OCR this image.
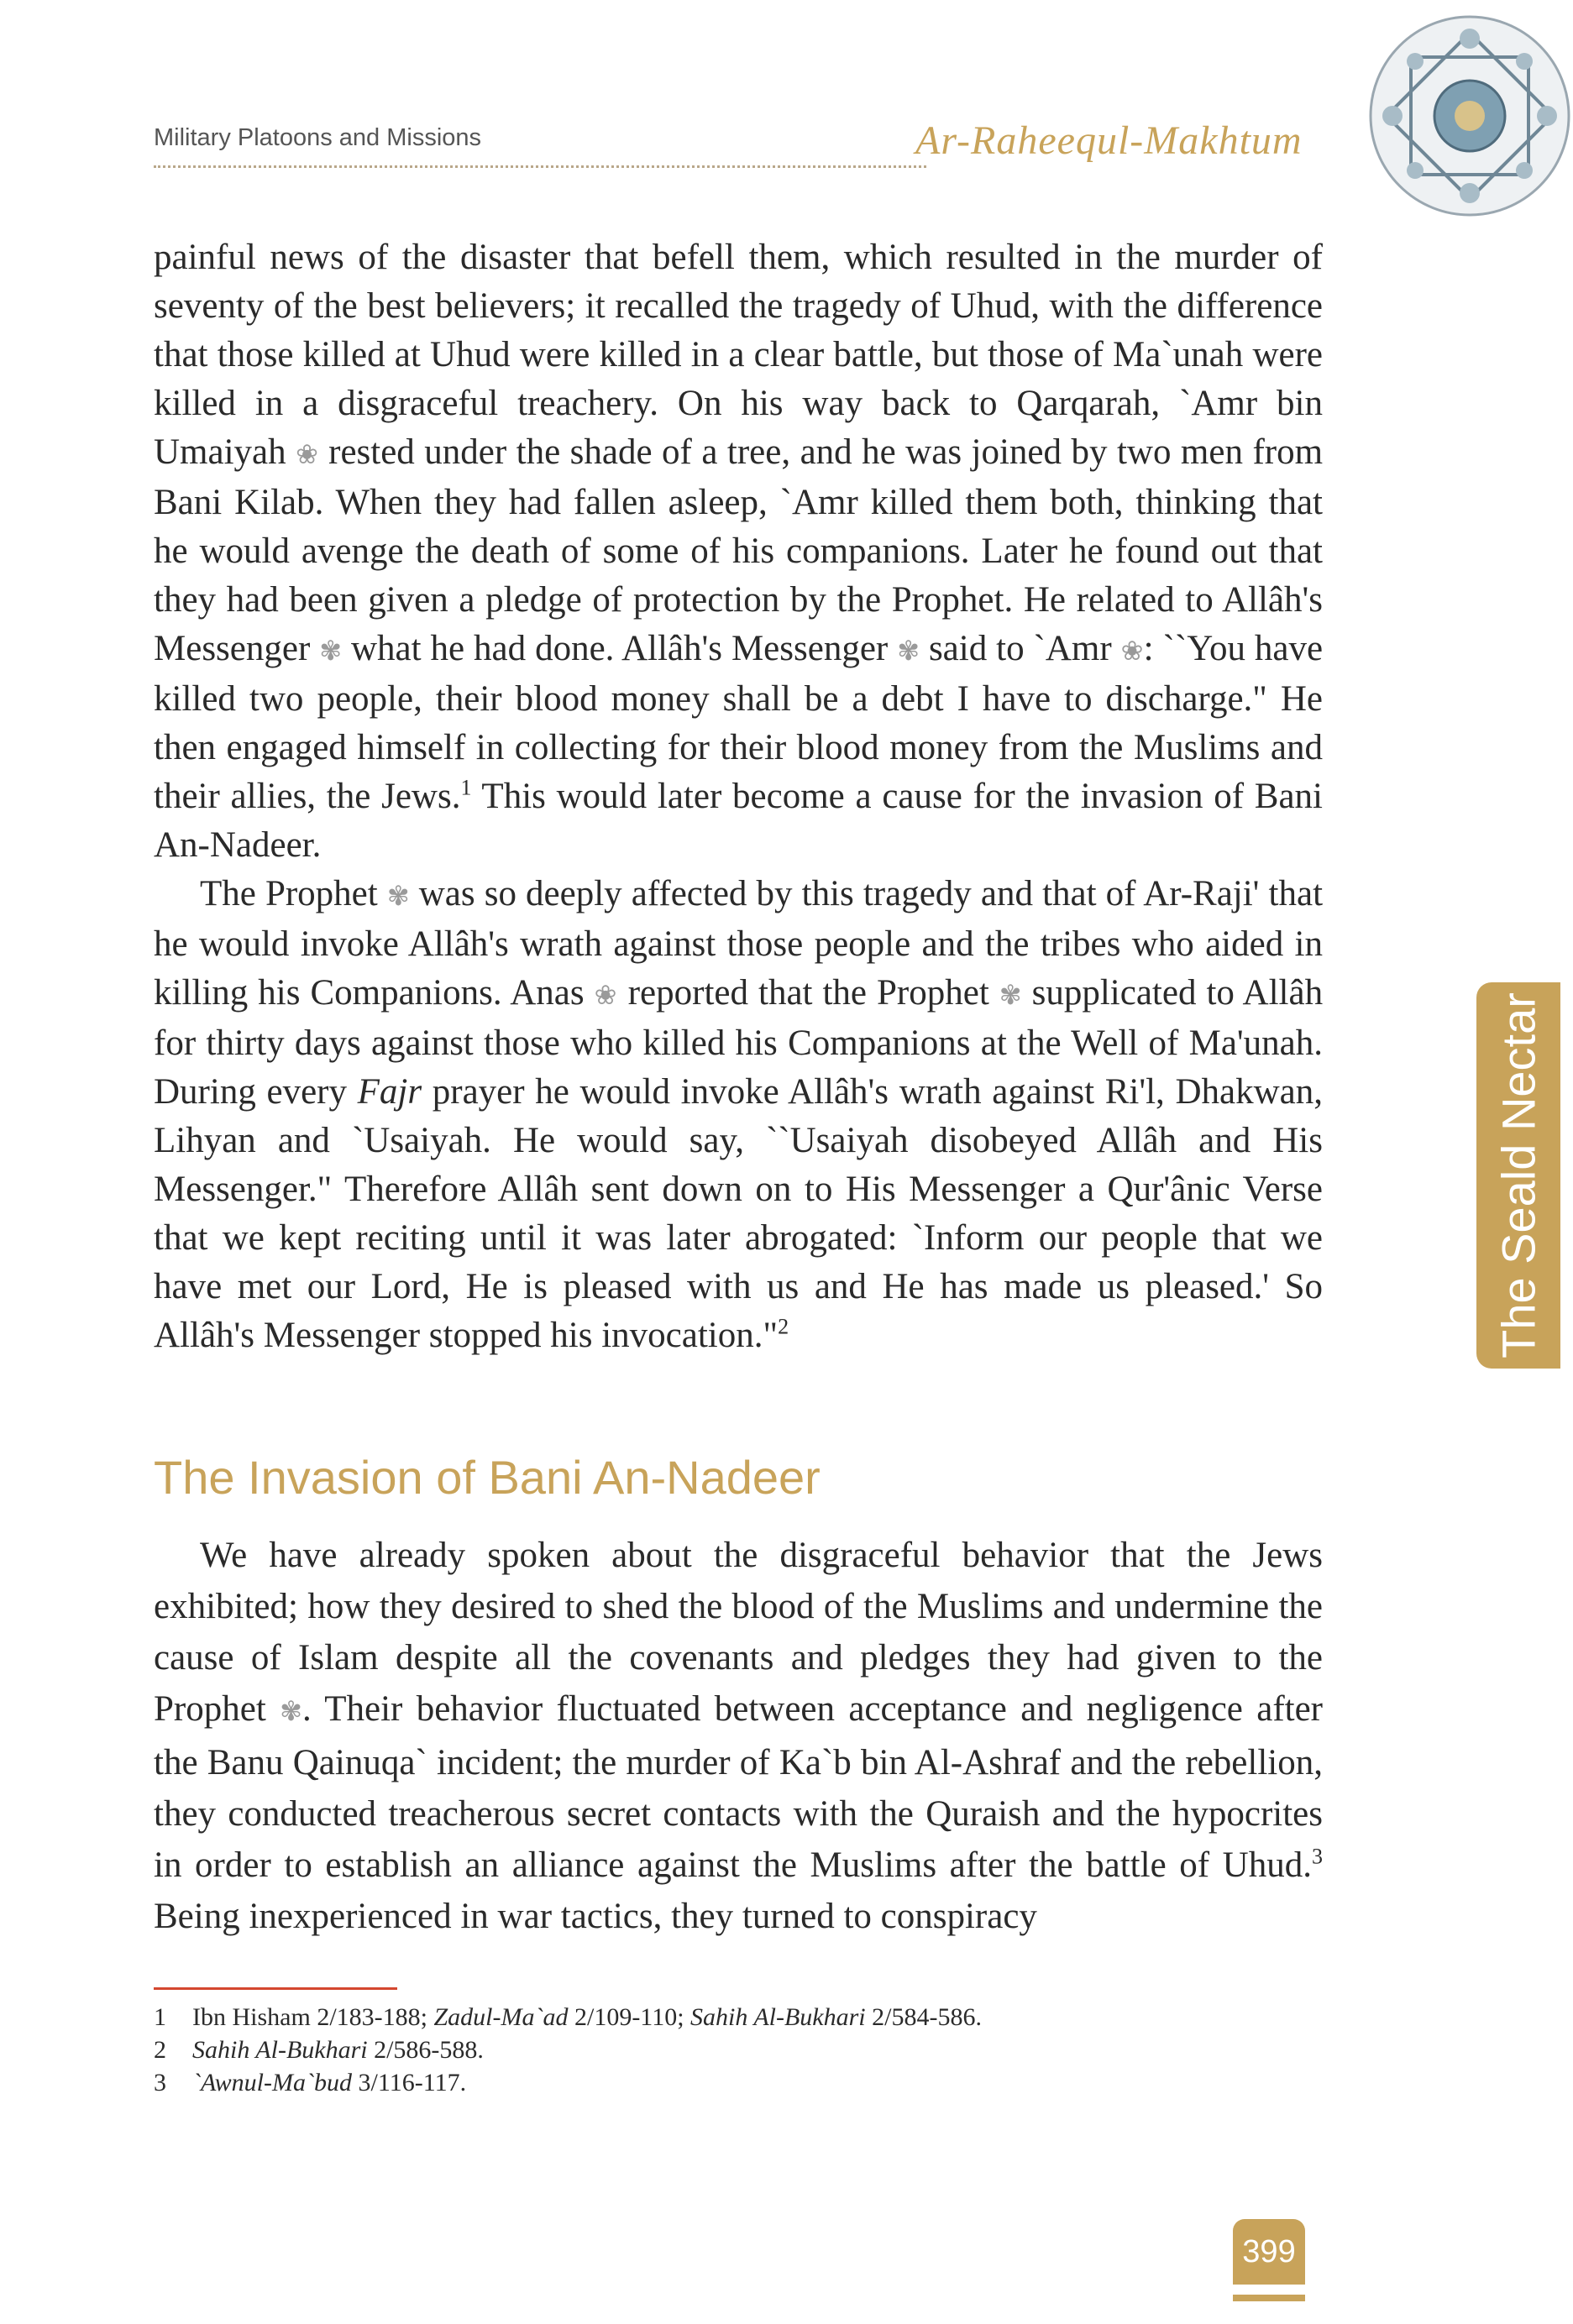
Military Platoons and Missions	Ar-Raheequl-Makhtum
The Seald Nectar

painful news of the disaster that befell them, which resulted in the murder of seventy of the best believers; it recalled the tragedy of Uhud, with the difference that those killed at Uhud were killed in a clear battle, but those of Ma`unah were killed in a disgraceful treachery. On his way back to Qarqarah, `Amr bin Umaiyah ❀ rested under the shade of a tree, and he was joined by two men from Bani Kilab. When they had fallen asleep, `Amr killed them both, thinking that he would avenge the death of some of his companions. Later he found out that they had been given a pledge of protection by the Prophet. He related to Allâh's Messenger ✾ what he had done. Allâh's Messenger ✾ said to `Amr ❀: ``You have killed two people, their blood money shall be a debt I have to discharge." He then engaged himself in collecting for their blood money from the Muslims and their allies, the Jews.$^1$ This would later become a cause for the invasion of Bani An-Nadeer.

The Prophet ✾ was so deeply affected by this tragedy and that of Ar-Raji' that he would invoke Allâh's wrath against those people and the tribes who aided in killing his Companions. Anas ❀ reported that the Prophet ✾ supplicated to Allâh for thirty days against those who killed his Companions at the Well of Ma'unah. During every Fajr prayer he would invoke Allâh's wrath against Ri'l, Dhakwan, Lihyan and `Usaiyah. He would say, ``Usaiyah disobeyed Allâh and His Messenger." Therefore Allâh sent down on to His Messenger a Qur'ânic Verse that we kept reciting until it was later abrogated: `Inform our people that we have met our Lord, He is pleased with us and He has made us pleased.' So Allâh's Messenger stopped his invocation."$^2$

The Invasion of Bani An-Nadeer

We have already spoken about the disgraceful behavior that the Jews exhibited; how they desired to shed the blood of the Muslims and undermine the cause of Islam despite all the covenants and pledges they had given to the Prophet ✾. Their behavior fluctuated between acceptance and negligence after the Banu Qainuqa` incident; the murder of Ka`b bin Al-Ashraf and the rebellion, they conducted treacherous secret contacts with the Quraish and the hypocrites in order to establish an alliance against the Muslims after the battle of Uhud.$^3$ Being inexperienced in war tactics, they turned to conspiracy

1 Ibn Hisham 2/183-188; Zadul-Ma`ad 2/109-110; Sahih Al-Bukhari 2/584-586.
2 Sahih Al-Bukhari 2/586-588.
3 `Awnul-Ma`bud 3/116-117.
399
